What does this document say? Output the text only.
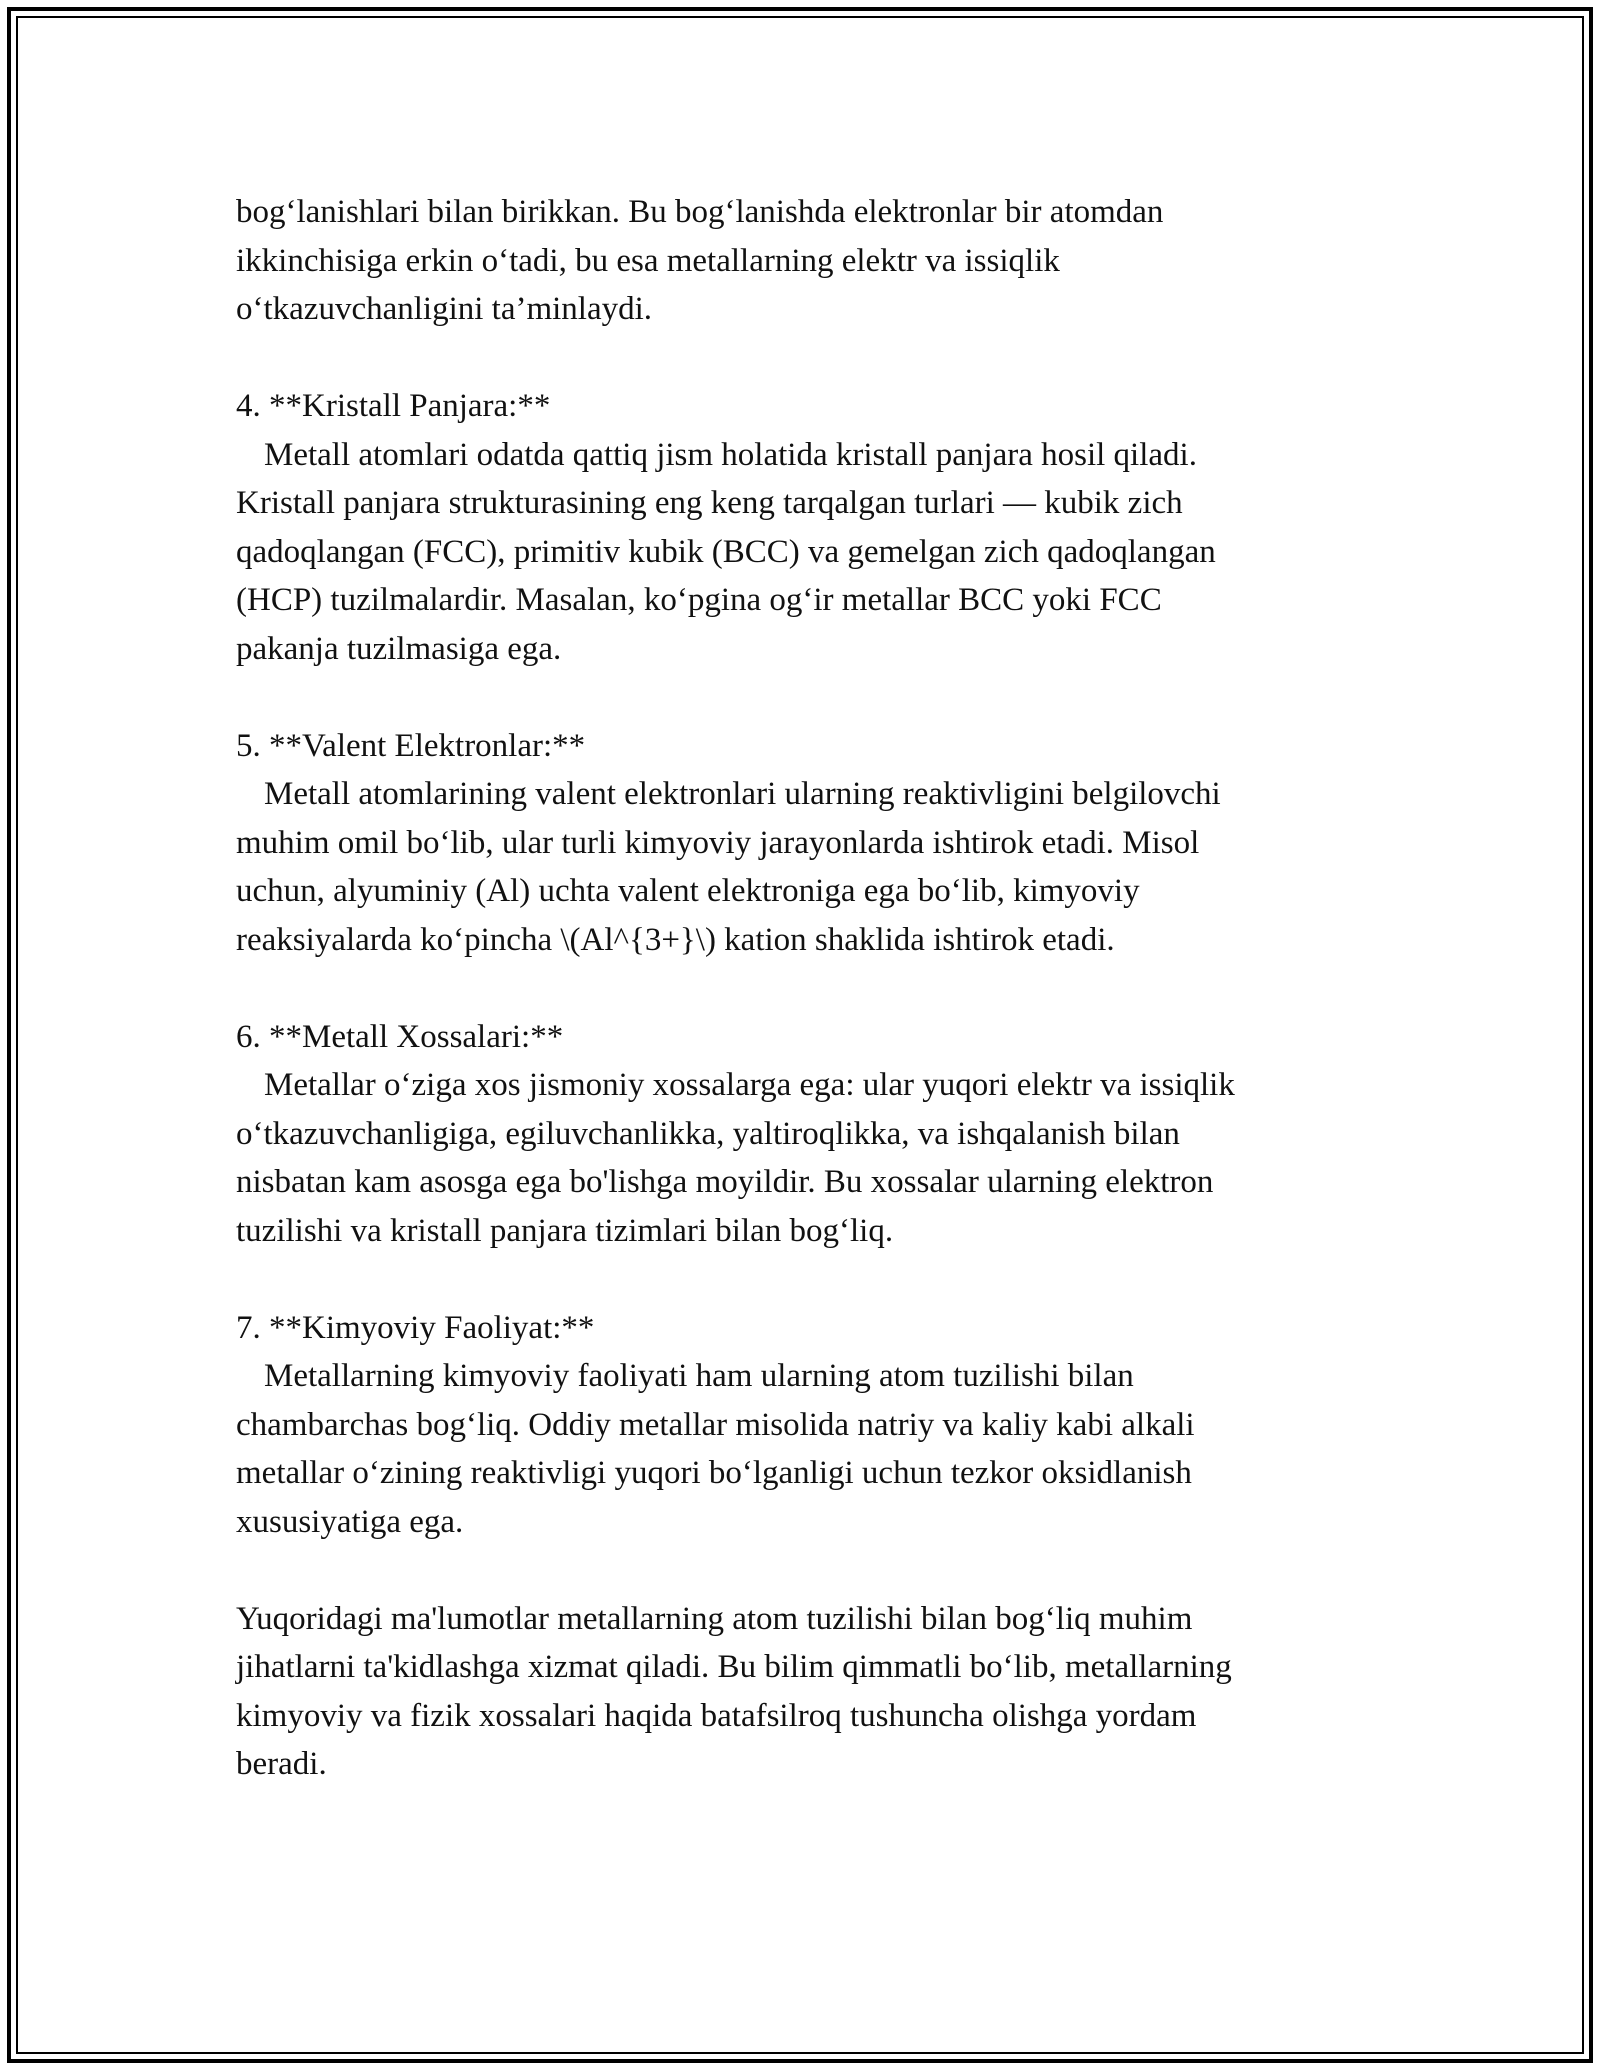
bog‘lanishlari bilan birikkan. Bu bog‘lanishda elektronlar bir atomdan
ikkinchisiga erkin o‘tadi, bu esa metallarning elektr va issiqlik
o‘tkazuvchanligini ta’minlaydi.

4. **Kristall Panjara:**
Metall atomlari odatda qattiq jism holatida kristall panjara hosil qiladi.
Kristall panjara strukturasining eng keng tarqalgan turlari — kubik zich
qadoqlangan (FCC), primitiv kubik (BCC) va gemelgan zich qadoqlangan
(HCP) tuzilmalardir. Masalan, ko‘pgina og‘ir metallar BCC yoki FCC
pakanja tuzilmasiga ega.
5. **Valent Elektronlar:**
Metall atomlarining valent elektronlari ularning reaktivligini belgilovchi
muhim omil bo‘lib, ular turli kimyoviy jarayonlarda ishtirok etadi. Misol
uchun, alyuminiy (Al) uchta valent elektroniga ega bo‘lib, kimyoviy
reaksiyalarda ko‘pincha \(Al^{3+}\) kation shaklida ishtirok etadi.
6. **Metall Xossalari:**
Metallar o‘ziga xos jismoniy xossalarga ega: ular yuqori elektr va issiqlik
o‘tkazuvchanligiga, egiluvchanlikka, yaltiroqlikka, va ishqalanish bilan
nisbatan kam asosga ega bo'lishga moyildir. Bu xossalar ularning elektron
tuzilishi va kristall panjara tizimlari bilan bog‘liq.
7. **Kimyoviy Faoliyat:**
Metallarning kimyoviy faoliyati ham ularning atom tuzilishi bilan
chambarchas bog‘liq. Oddiy metallar misolida natriy va kaliy kabi alkali
metallar o‘zining reaktivligi yuqori bo‘lganligi uchun tezkor oksidlanish
xususiyatiga ega.

Yuqoridagi ma'lumotlar metallarning atom tuzilishi bilan bog‘liq muhim
jihatlarni ta'kidlashga xizmat qiladi. Bu bilim qimmatli bo‘lib, metallarning
kimyoviy va fizik xossalari haqida batafsilroq tushuncha olishga yordam
beradi.
